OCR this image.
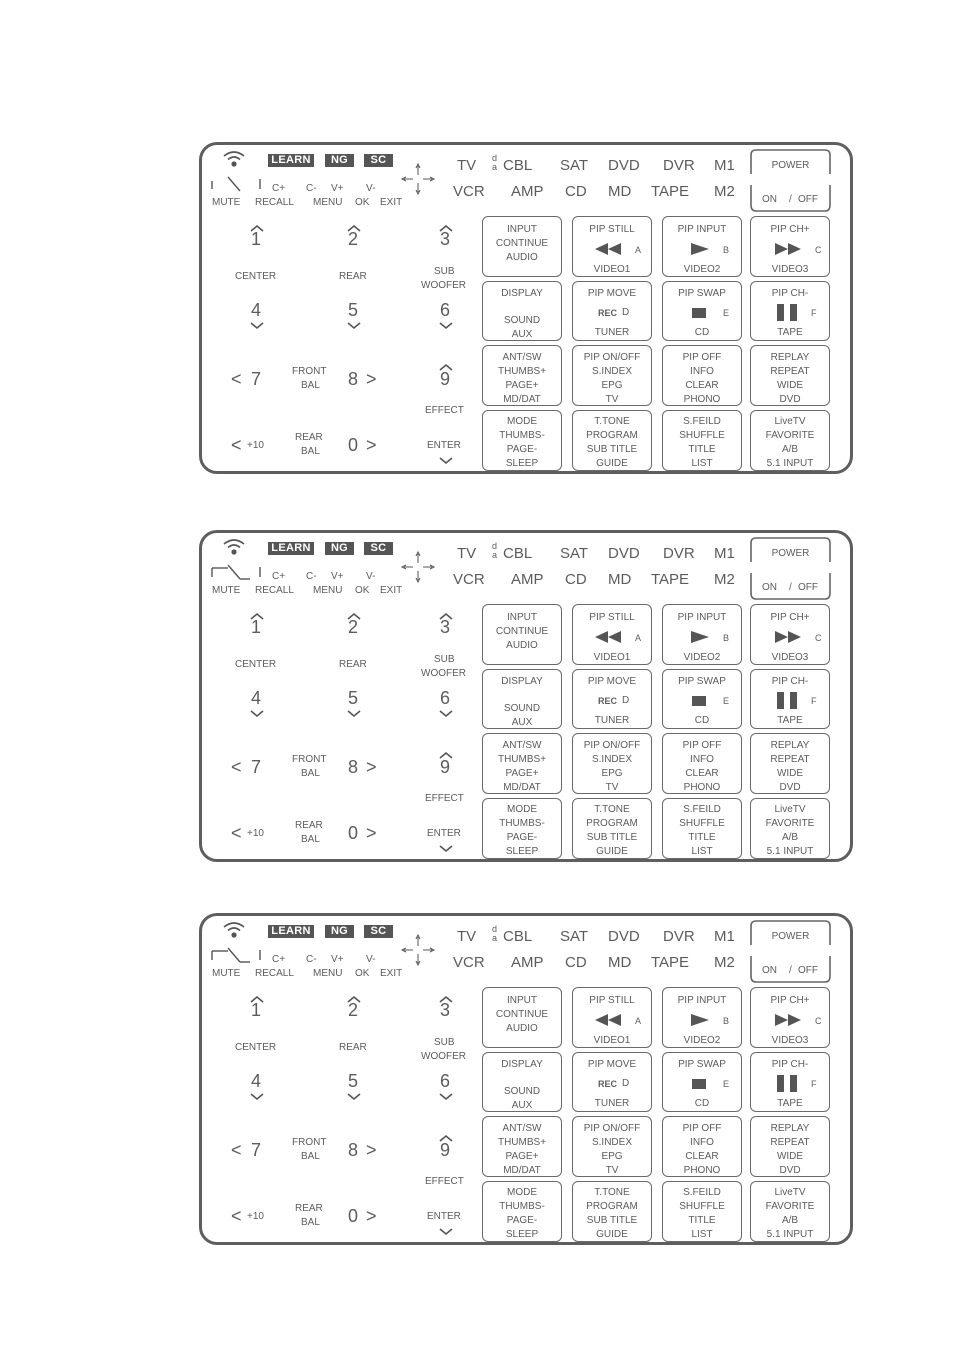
LEARN	NG	SC
C+ C- V+ V-
MUTE RECALL MENU OK EXIT
TV d
a CBL SAT DVD DVR M1
VCR AMP CD MD TAPE M2
POWER
ON / OFF
1	2	3
CENTER	REAR	SUB
WOOFER
4	5	6
< 7	FRONT
BAL 8 >	9
EFFECT
< +10
REAR
BAL 0 >	ENTER
INPUT
CONTINUE
AUDIO
DISPLAY
SOUND
AUX
ANT/SW
THUMBS+
PAGE+
MD/DAT
MODE
THUMBS-
PAGE-
SLEEP
PIP STILL
A
VIDEO1
PIP MOVE
REC D
TUNER
PIP ON/OFF
S.INDEX
EPG
TV
T.TONE
PROGRAM
SUB TITLE
GUIDE
PIP INPUT
B
VIDEO2
PIP SWAP
E
CD
PIP OFF
INFO
CLEAR
PHONO
S.FEILD
SHUFFLE
TITLE
LIST
PIP CH+
C
VIDEO3
PIP CH-
F
TAPE
REPLAY
REPEAT
WIDE
DVD
LiveTV
FAVORITE
A/B
5.1 INPUT
LEARN	NG	SC
C+ C- V+ V-
MUTE RECALL MENU OK EXIT
TV d
a CBL SAT DVD DVR M1
VCR AMP CD MD TAPE M2
POWER
ON / OFF
1	2	3
CENTER	REAR	SUB
WOOFER
4	5	6
< 7	FRONT
BAL 8 >	9
EFFECT
< +10
REAR
BAL 0 >	ENTER
INPUT
CONTINUE
AUDIO
DISPLAY
SOUND
AUX
ANT/SW
THUMBS+
PAGE+
MD/DAT
MODE
THUMBS-
PAGE-
SLEEP
PIP STILL
A
VIDEO1
PIP MOVE
REC D
TUNER
PIP ON/OFF
S.INDEX
EPG
TV
T.TONE
PROGRAM
SUB TITLE
GUIDE
PIP INPUT
B
VIDEO2
PIP SWAP
E
CD
PIP OFF
INFO
CLEAR
PHONO
S.FEILD
SHUFFLE
TITLE
LIST
PIP CH+
C
VIDEO3
PIP CH-
F
TAPE
REPLAY
REPEAT
WIDE
DVD
LiveTV
FAVORITE
A/B
5.1 INPUT
LEARN	NG	SC
C+ C- V+ V-
MUTE RECALL MENU OK EXIT
TV d
a CBL SAT DVD DVR M1
VCR AMP CD MD TAPE M2
POWER
ON / OFF
1	2	3
CENTER	REAR	SUB
WOOFER
4	5	6
< 7	FRONT
BAL 8 >	9
EFFECT
< +10
REAR
BAL 0 >	ENTER
INPUT
CONTINUE
AUDIO
DISPLAY
SOUND
AUX
ANT/SW
THUMBS+
PAGE+
MD/DAT
MODE
THUMBS-
PAGE-
SLEEP
PIP STILL
A
VIDEO1
PIP MOVE
REC D
TUNER
PIP ON/OFF
S.INDEX
EPG
TV
T.TONE
PROGRAM
SUB TITLE
GUIDE
PIP INPUT
B
VIDEO2
PIP SWAP
E
CD
PIP OFF
INFO
CLEAR
PHONO
S.FEILD
SHUFFLE
TITLE
LIST
PIP CH+
C
VIDEO3
PIP CH-
F
TAPE
REPLAY
REPEAT
WIDE
DVD
LiveTV
FAVORITE
A/B
5.1 INPUT
